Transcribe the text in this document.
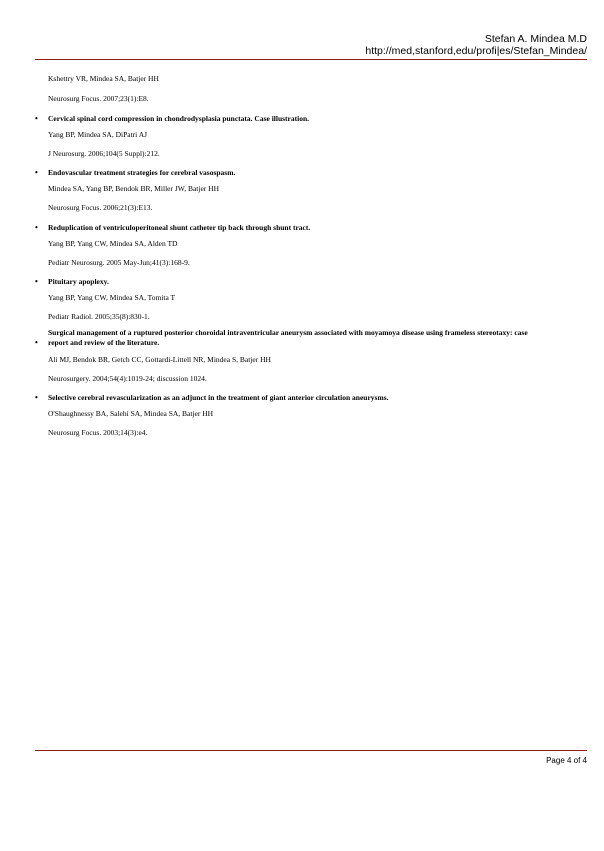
Stefan A. Mindea M.D
http://med,stanford,edu/profi|es/Stefan_Mindea/
Kshettry VR, Mindea SA, Batjer HH
Neurosurg Focus. 2007;23(1):E8.
• Cervical spinal cord compression in chondrodysplasia punctata. Case illustration.
Yang BP, Mindea SA, DiPatri AJ
J Neurosurg. 2006;104(5 Suppl):212.
• Endovascular treatment strategies for cerebral vasospasm.
Mindea SA, Yang BP, Bendok BR, Miller JW, Batjer HH
Neurosurg Focus. 2006;21(3):E13.
• Reduplication of ventriculoperitoneal shunt catheter tip back through shunt tract.
Yang BP, Yang CW, Mindea SA, Alden TD
Pediatr Neurosurg. 2005 May-Jun;41(3):168-9.
• Pituitary apoplexy.
Yang BP, Yang CW, Mindea SA, Tomita T
Pediatr Radiol. 2005;35(8):830-1.
Surgical management of a ruptured posterior choroidal intraventricular aneurysm associated with moyamoya disease using frameless stereotaxy: case
• report and review of the literature.
Ali MJ, Bendok BR, Getch CC, Gottardi-Littell NR, Mindea S, Batjer HH
Neurosurgery. 2004;54(4):1019-24; discussion 1024.
• Selective cerebral revascularization as an adjunct in the treatment of giant anterior circulation aneurysms.
O'Shaughnessy BA, Salehi SA, Mindea SA, Batjer HH
Neurosurg Focus. 2003;14(3):e4.
Page 4 of 4
